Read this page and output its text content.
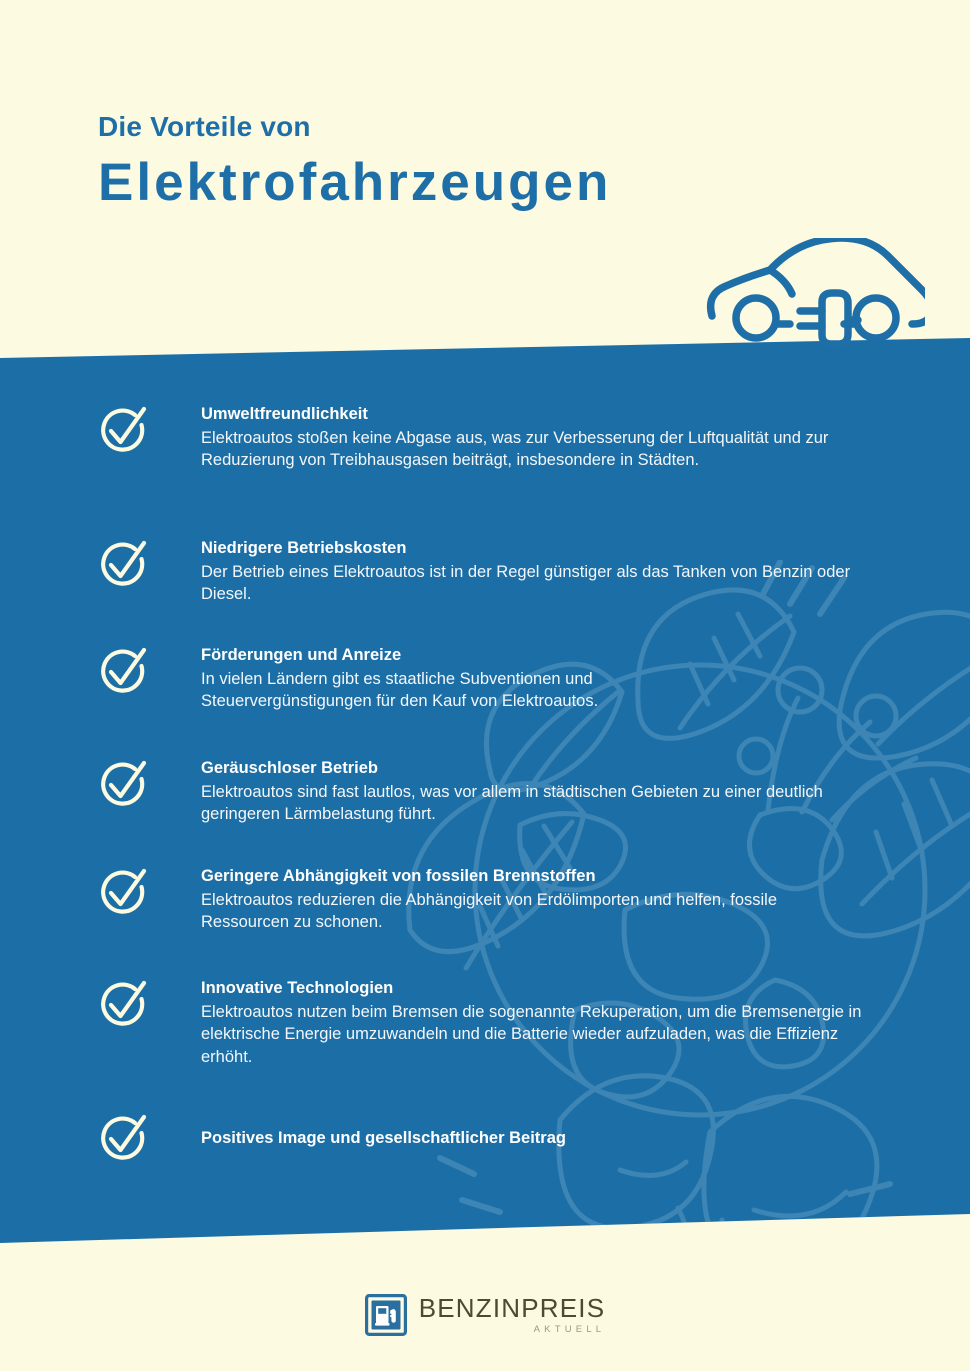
Die Vorteile von
Elektrofahrzeugen

Umweltfreundlichkeit

Elektroautos stoßen keine Abgase aus, was zur Verbesserung der Luftqualität und zur Reduzierung von Treibhausgasen beiträgt, insbesondere in Städten.

Niedrigere Betriebskosten

Der Betrieb eines Elektroautos ist in der Regel günstiger als das Tanken von Benzin oder Diesel.

Förderungen und Anreize

In vielen Ländern gibt es staatliche Subventionen und Steuervergünstigungen für den Kauf von Elektroautos.

Geräuschloser Betrieb

Elektroautos sind fast lautlos, was vor allem in städtischen Gebieten zu einer deutlich geringeren Lärmbelastung führt.

Geringere Abhängigkeit von fossilen Brennstoffen

Elektroautos reduzieren die Abhängigkeit von Erdölimporten und helfen, fossile Ressourcen zu schonen.

Innovative Technologien

Elektroautos nutzen beim Bremsen die sogenannte Rekuperation, um die Bremsenergie in elektrische Energie umzuwandeln und die Batterie wieder aufzuladen, was die Effizienz erhöht.

Positives Image und gesellschaftlicher Beitrag

BENZINPREIS
AKTUELL
